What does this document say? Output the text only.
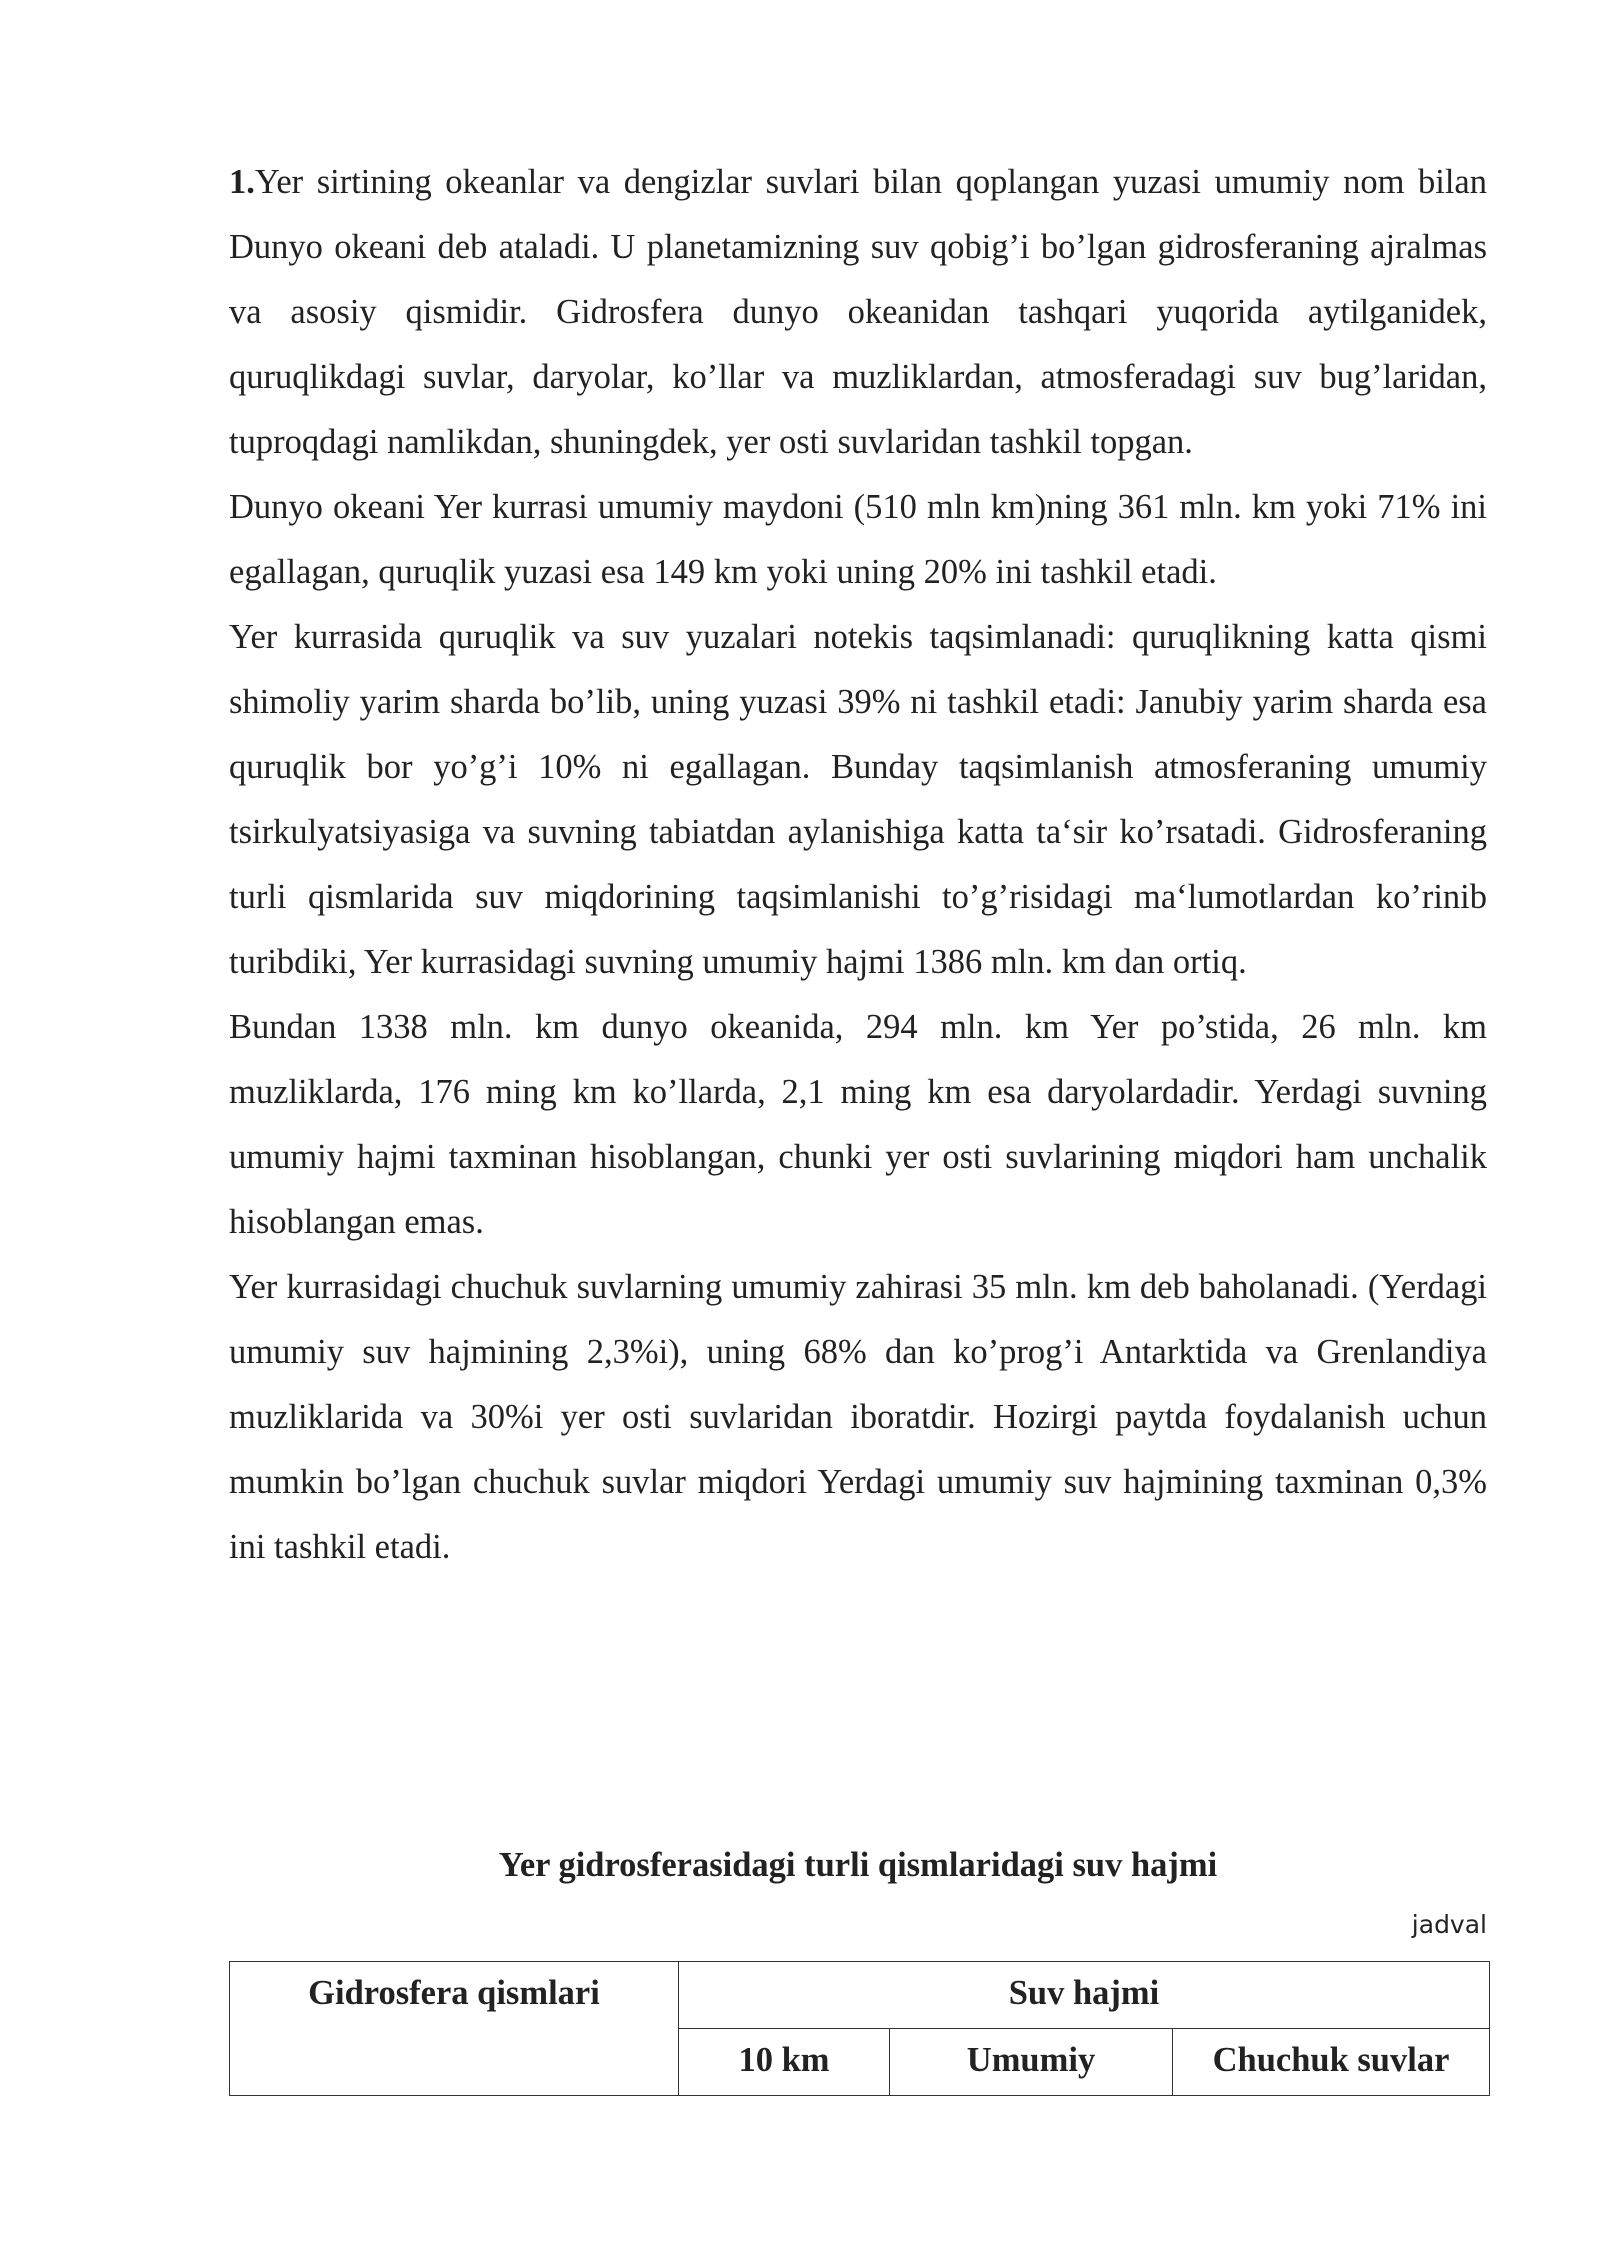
1.Yer sirtining okeanlar va dengizlar suvlari bilan qoplangan yuzasi umumiy nom bilan Dunyo okeani deb ataladi. U planetamizning suv qobig’i bo’lgan gidrosferaning ajralmas va asosiy qismidir. Gidrosfera dunyo okeanidan tashqari yuqorida aytilganidek, quruqlikdagi suvlar, daryolar, ko’llar va muzliklardan, atmosferadagi suv bug’laridan, tuproqdagi namlikdan, shuningdek, yer osti suvlaridan tashkil topgan.

Dunyo okeani Yer kurrasi umumiy maydoni (510 mln km)ning 361 mln. km yoki 71% ini egallagan, quruqlik yuzasi esa 149 km yoki uning 20% ini tashkil etadi.

Yer kurrasida quruqlik va suv yuzalari notekis taqsimlanadi: quruqlikning katta qismi shimoliy yarim sharda bo’lib, uning yuzasi 39% ni tashkil etadi: Janubiy yarim sharda esa quruqlik bor yo’g’i 10% ni egallagan. Bunday taqsimlanish atmosferaning umumiy tsirkulyatsiyasiga va suvning tabiatdan aylanishiga katta ta‘sir ko’rsatadi. Gidrosferaning turli qismlarida suv miqdorining taqsimlanishi to’g’risidagi ma‘lumotlardan ko’rinib turibdiki, Yer kurrasidagi suvning umumiy hajmi 1386 mln. km dan ortiq.

Bundan 1338 mln. km dunyo okeanida, 294 mln. km Yer po’stida, 26 mln. km muzliklarda, 176 ming km ko’llarda, 2,1 ming km esa daryolardadir. Yerdagi suvning umumiy hajmi taxminan hisoblangan, chunki yer osti suvlarining miqdori ham unchalik hisoblangan emas.

Yer kurrasidagi chuchuk suvlarning umumiy zahirasi 35 mln. km deb baholanadi. (Yerdagi umumiy suv hajmining 2,3%i), uning 68% dan ko’prog’i Antarktida va Grenlandiya muzliklarida va 30%i yer osti suvlaridan iboratdir. Hozirgi paytda foydalanish uchun mumkin bo’lgan chuchuk suvlar miqdori Yerdagi umumiy suv hajmining taxminan 0,3% ini tashkil etadi.

Yer gidrosferasidagi turli qismlaridagi suv hajmi
jadval
Gidrosfera qismlari	Suv hajmi		
	10 km	Umumiy	Chuchuk suvlar
